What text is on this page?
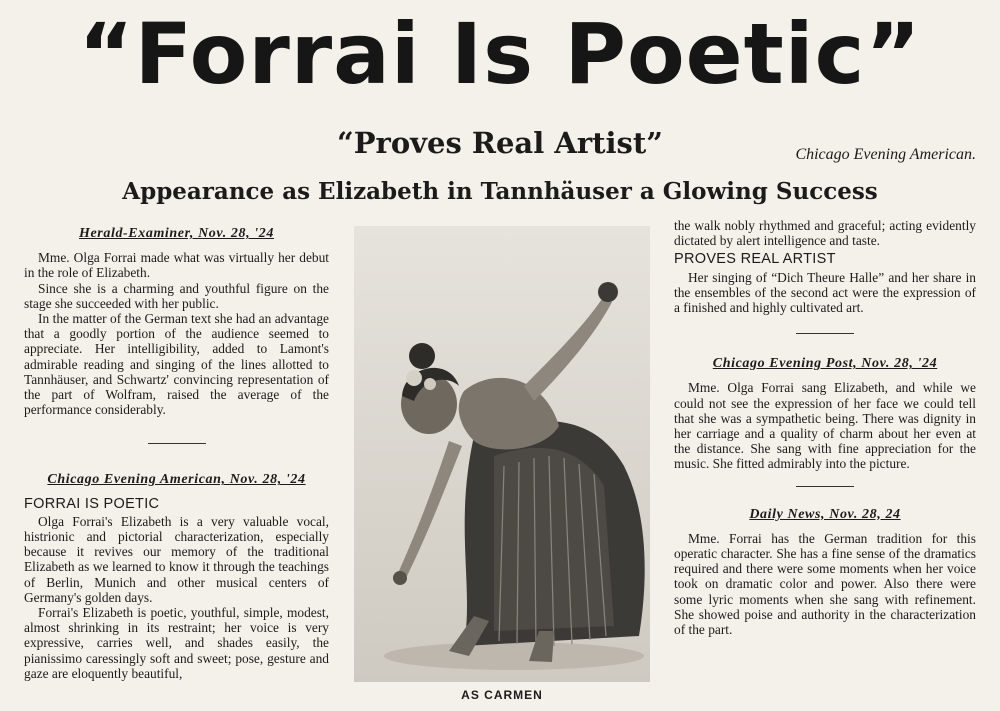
“Forrai Is Poetic”
“Proves Real Artist”	Chicago Evening American.
Appearance as Elizabeth in Tannhäuser a Glowing Success
Herald-Examiner, Nov. 28, '24

Mme. Olga Forrai made what was virtually her debut in the role of Elizabeth.

Since she is a charming and youthful figure on the stage she succeeded with her public.

In the matter of the German text she had an advantage that a goodly portion of the audience seemed to appreciate. Her intelligibility, added to Lamont's admirable reading and singing of the lines allotted to Tannhäuser, and Schwartz' convincing representation of the part of Wolfram, raised the average of the performance considerably.

Chicago Evening American, Nov. 28, '24
FORRAI IS POETIC

Olga Forrai's Elizabeth is a very valuable vocal, histrionic and pictorial characterization, especially because it revives our memory of the traditional Elizabeth as we learned to know it through the teachings of Berlin, Munich and other musical centers of Germany's golden days.

Forrai's Elizabeth is poetic, youthful, simple, modest, almost shrinking in its restraint; her voice is very expressive, carries well, and shades easily, the pianissimo caressingly soft and sweet; pose, gesture and gaze are eloquently beautiful,

AS CARMEN

the walk nobly rhythmed and graceful; acting evidently dictated by alert intelligence and taste.

PROVES REAL ARTIST

Her singing of “Dich Theure Halle” and her share in the ensembles of the second act were the expression of a finished and highly cultivated art.

Chicago Evening Post, Nov. 28, '24

Mme. Olga Forrai sang Elizabeth, and while we could not see the expression of her face we could tell that she was a sympathetic being. There was dignity in her carriage and a quality of charm about her even at the distance. She sang with fine appreciation for the music. She fitted admirably into the picture.

Daily News, Nov. 28, 24

Mme. Forrai has the German tradition for this operatic character. She has a fine sense of the dramatics required and there were some moments when her voice took on dramatic color and power. Also there were some lyric moments when she sang with refinement. She showed poise and authority in the characterization of the part.
